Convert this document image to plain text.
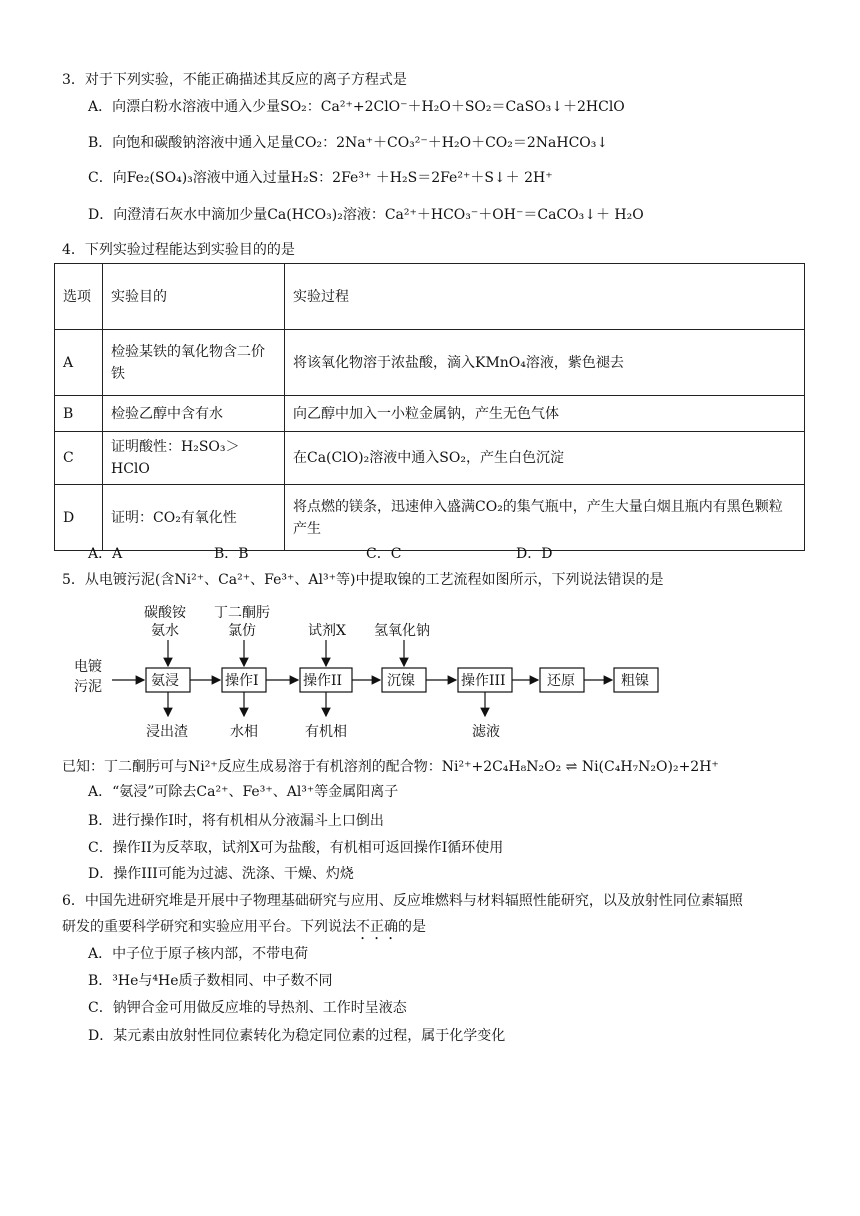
3．对于下列实验，不能正确描述其反应的离子方程式是
A．向漂白粉水溶液中通入少量SO₂：Ca²⁺+2ClO⁻＋H₂O＋SO₂＝CaSO₃↓＋2HClO
B．向饱和碳酸钠溶液中通入足量CO₂：2Na⁺＋CO₃²⁻＋H₂O＋CO₂＝2NaHCO₃↓
C．向Fe₂(SO₄)₃溶液中通入过量H₂S：2Fe³⁺ ＋H₂S＝2Fe²⁺＋S↓＋ 2H⁺
D．向澄清石灰水中滴加少量Ca(HCO₃)₂溶液：Ca²⁺＋HCO₃⁻＋OH⁻＝CaCO₃↓＋ H₂O
4．下列实验过程能达到实验目的的是
选项	实验目的	实验过程
A	检验某铁的氧化物含二价铁	将该氧化物溶于浓盐酸，滴入KMnO₄溶液，紫色褪去
B	检验乙醇中含有水	向乙醇中加入一小粒金属钠，产生无色气体
C	证明酸性：H₂SO₃＞HClO	在Ca(ClO)₂溶液中通入SO₂，产生白色沉淀
D	证明：CO₂有氧化性	将点燃的镁条，迅速伸入盛满CO₂的集气瓶中，产生大量白烟且瓶内有黑色颗粒产生
A．A	B．B	C．C	D．D
5．从电镀污泥(含Ni²⁺、Ca²⁺、Fe³⁺、Al³⁺等)中提取镍的工艺流程如图所示，下列说法错误的是
电镀
污泥	氨浸	操作I	操作II	沉镍	操作III	还原	粗镍
碳酸铵
氨水
丁二酮肟
氯仿	试剂X 氢氧化钠
浸出渣	水相	有机相	滤液
已知：丁二酮肟可与Ni²⁺反应生成易溶于有机溶剂的配合物：Ni²⁺+2C₄H₈N₂O₂ ⇌ Ni(C₄H₇N₂O)₂+2H⁺
A．“氨浸”可除去Ca²⁺、Fe³⁺、Al³⁺等金属阳离子
B．进行操作I时，将有机相从分液漏斗上口倒出
C．操作II为反萃取，试剂X可为盐酸，有机相可返回操作I循环使用
D．操作III可能为过滤、洗涤、干燥、灼烧
6．中国先进研究堆是开展中子物理基础研究与应用、反应堆燃料与材料辐照性能研究，以及放射性同位素辐照
研发的重要科学研究和实验应用平台。下列说法不正确的是
A．中子位于原子核内部，不带电荷
B．³He与⁴He质子数相同、中子数不同
C．钠钾合金可用做反应堆的导热剂、工作时呈液态
D．某元素由放射性同位素转化为稳定同位素的过程，属于化学变化
